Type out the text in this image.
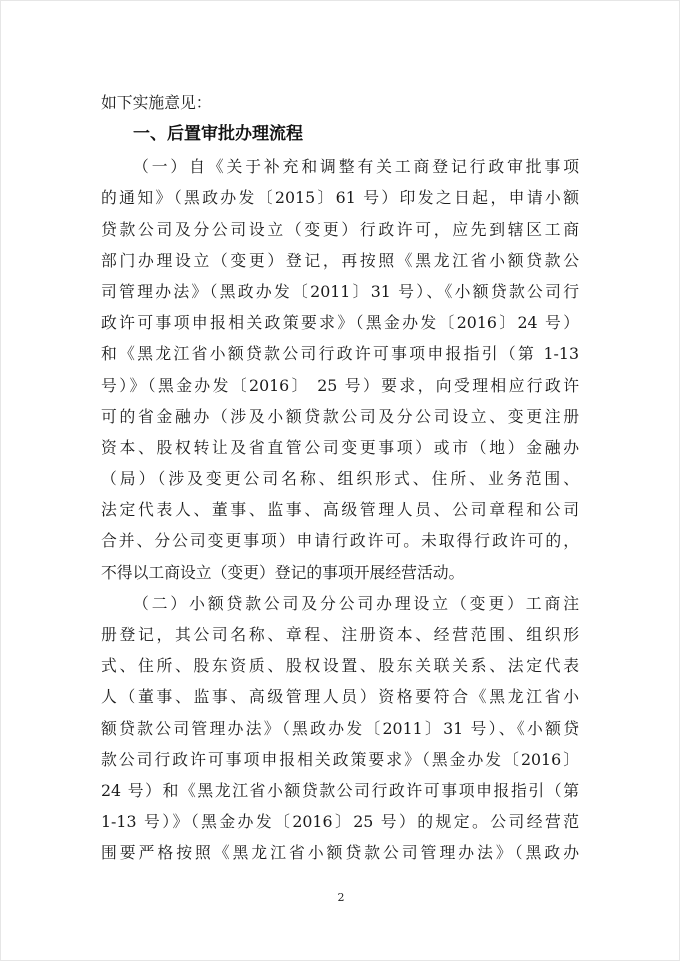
如下实施意见：
一、后置审批办理流程
（一）自《关于补充和调整有关工商登记行政审批事项
的通知》（黑政办发〔2015〕61 号）印发之日起，申请小额
贷款公司及分公司设立（变更）行政许可，应先到辖区工商
部门办理设立（变更）登记，再按照《黑龙江省小额贷款公
司管理办法》（黑政办发〔2011〕31 号）、《小额贷款公司行
政许可事项申报相关政策要求》（黑金办发〔2016〕24 号）
和《黑龙江省小额贷款公司行政许可事项申报指引（第 1-13
号）》（黑金办发〔2016〕 25 号）要求，向受理相应行政许
可的省金融办（涉及小额贷款公司及分公司设立、变更注册
资本、股权转让及省直管公司变更事项）或市（地）金融办
（局）（涉及变更公司名称、组织形式、住所、业务范围、
法定代表人、董事、监事、高级管理人员、公司章程和公司
合并、分公司变更事项）申请行政许可。未取得行政许可的，
不得以工商设立（变更）登记的事项开展经营活动。
（二）小额贷款公司及分公司办理设立（变更）工商注
册登记，其公司名称、章程、注册资本、经营范围、组织形
式、住所、股东资质、股权设置、股东关联关系、法定代表
人（董事、监事、高级管理人员）资格要符合《黑龙江省小
额贷款公司管理办法》（黑政办发〔2011〕31 号）、《小额贷
款公司行政许可事项申报相关政策要求》（黑金办发〔2016〕
24 号）和《黑龙江省小额贷款公司行政许可事项申报指引（第
1-13 号）》（黑金办发〔2016〕25 号）的规定。公司经营范
围要严格按照《黑龙江省小额贷款公司管理办法》（黑政办
2
